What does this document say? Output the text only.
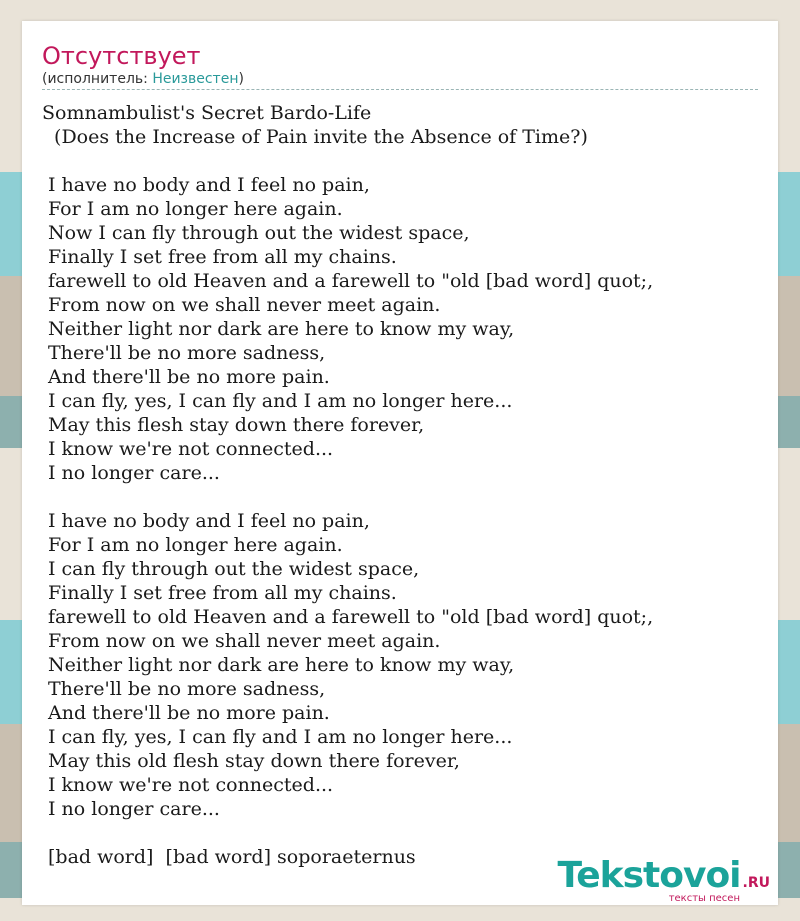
Отсутствует

(исполнитель: Неизвестен)

Somnambulist's Secret Bardo-Life
(Does the Increase of Pain invite the Absence of Time?)
I have no body and I feel no pain,
For I am no longer here again.
Now I can fly through out the widest space,
Finally I set free from all my chains.
farewell to old Heaven and a farewell to "old [bad word] quot;,
From now on we shall never meet again.
Neither light nor dark are here to know my way,
There'll be no more sadness,
And there'll be no more pain.
I can fly, yes, I can fly and I am no longer here...
May this flesh stay down there forever,
I know we're not connected...
I no longer care...
I have no body and I feel no pain,
For I am no longer here again.
I can fly through out the widest space,
Finally I set free from all my chains.
farewell to old Heaven and a farewell to "old [bad word] quot;,
From now on we shall never meet again.
Neither light nor dark are here to know my way,
There'll be no more sadness,
And there'll be no more pain.
I can fly, yes, I can fly and I am no longer here...
May this old flesh stay down there forever,
I know we're not connected...
I no longer care...
[bad word]  [bad word] soporaeternus	Tekstovoi .RU
тексты песен
